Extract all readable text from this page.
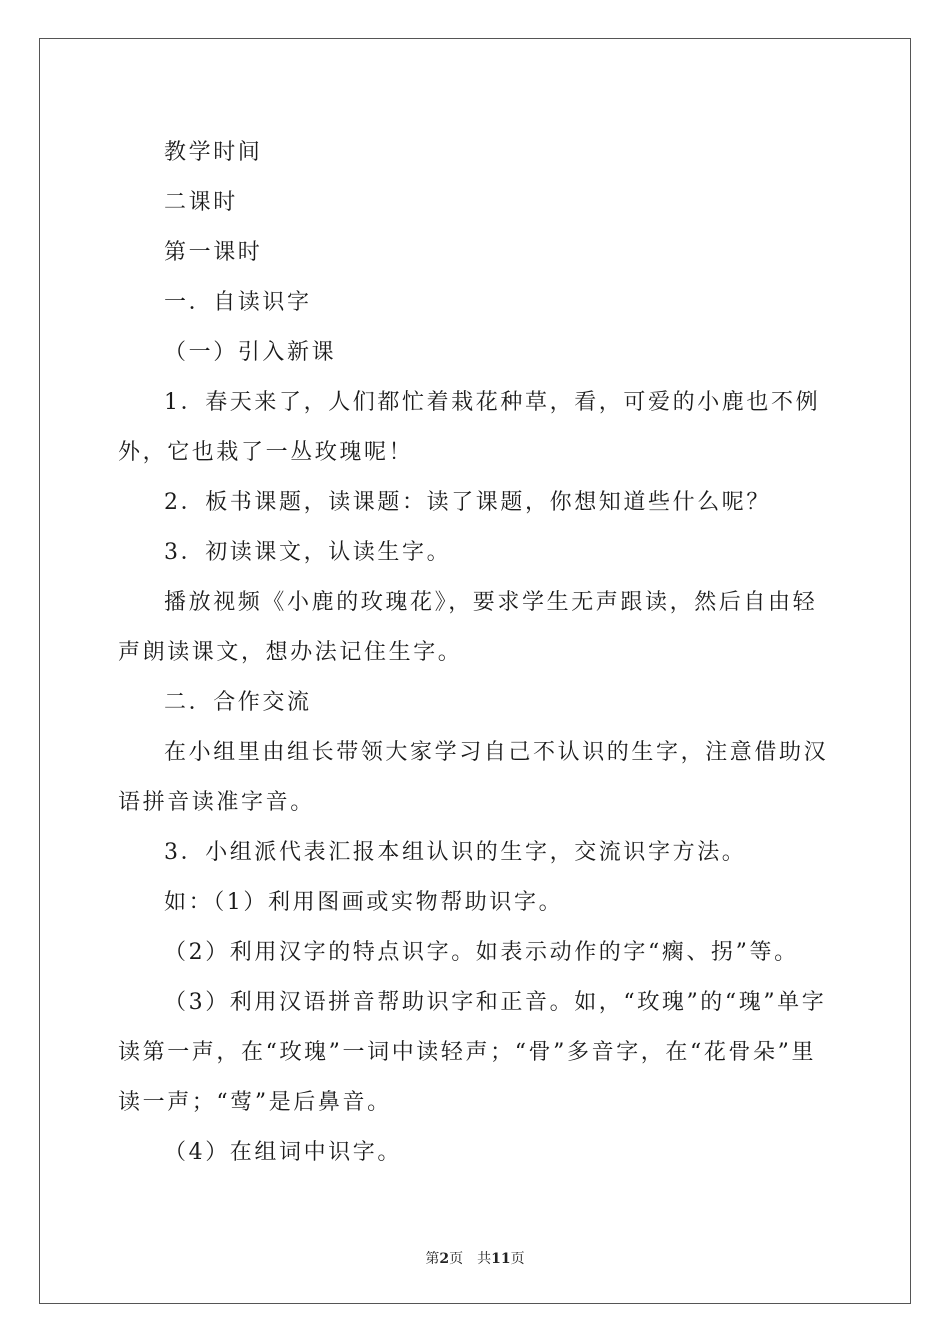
教学时间

二课时

第一课时

一．自读识字

（一）引入新课

1．春天来了，人们都忙着栽花种草，看，可爱的小鹿也不例外，它也栽了一丛玫瑰呢！

2．板书课题，读课题：读了课题，你想知道些什么呢？

3．初读课文，认读生字。

播放视频《小鹿的玫瑰花》，要求学生无声跟读，然后自由轻声朗读课文，想办法记住生字。

二．合作交流

在小组里由组长带领大家学习自己不认识的生字，注意借助汉语拼音读准字音。

3．小组派代表汇报本组认识的生字，交流识字方法。

如：（1）利用图画或实物帮助识字。

（2）利用汉字的特点识字。如表示动作的字“瘸、拐”等。

（3）利用汉语拼音帮助识字和正音。如，“玫瑰”的“瑰”单字读第一声，在“玫瑰”一词中读轻声；“骨”多音字，在“花骨朵”里读一声；“莺”是后鼻音。

（4）在组词中识字。

第2页 共11页
